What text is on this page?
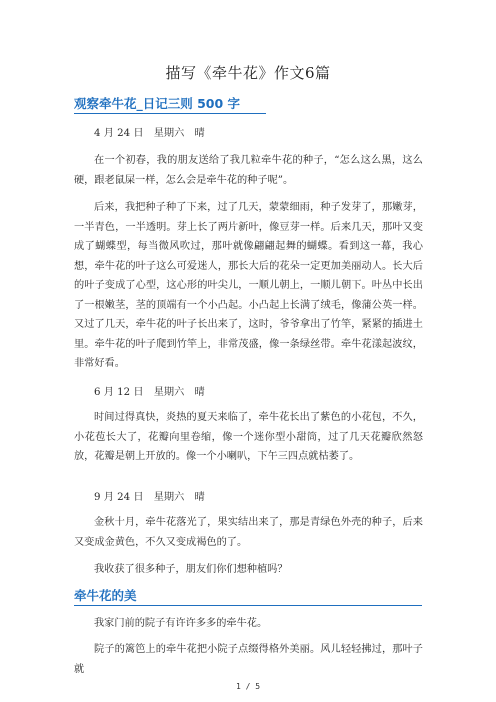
描写《牵牛花》作文6篇
观察牵牛花_日记三则 500 字

4 月 24 日　星期六　晴

在一个初春，我的朋友送给了我几粒牵牛花的种子，“怎么这么黑，这么硬，跟老鼠屎一样，怎么会是牵牛花的种子呢”。

后来，我把种子种了下来，过了几天，蒙蒙细雨，种子发芽了，那嫩芽，一半青色，一半透明。芽上长了两片新叶，像豆芽一样。后来几天，那叶又变成了蝴蝶型，每当微风吹过，那叶就像翩翩起舞的蝴蝶。看到这一幕，我心想，牵牛花的叶子这么可爱迷人，那长大后的花朵一定更加美丽动人。长大后的叶子变成了心型，这心形的叶尖儿，一顺儿朝上，一顺儿朝下。叶丛中长出了一根嫩茎，茎的顶端有一个小凸起。小凸起上长满了绒毛，像蒲公英一样。又过了几天，牵牛花的叶子长出来了，这时，爷爷拿出了竹竿，紧紧的插进土里。牵牛花的叶子爬到竹竿上，非常茂盛，像一条绿丝带。牵牛花漾起波纹，非常好看。

6 月 12 日　星期六　晴

时间过得真快，炎热的夏天来临了，牵牛花长出了紫色的小花包，不久，小花苞长大了，花瓣向里卷缩，像一个迷你型小甜筒，过了几天花瓣欣然怒放，花瓣是朝上开放的。像一个小喇叭，下午三四点就枯萎了。

9 月 24 日　星期六　晴

金秋十月，牵牛花落光了，果实结出来了，那是青绿色外壳的种子，后来又变成金黄色，不久又变成褐色的了。

我收获了很多种子，朋友们你们想种植吗？

牵牛花的美

我家门前的院子有许许多多的牵牛花。

院子的篱笆上的牵牛花把小院子点缀得格外美丽。风儿轻轻拂过，那叶子就

1 / 5
